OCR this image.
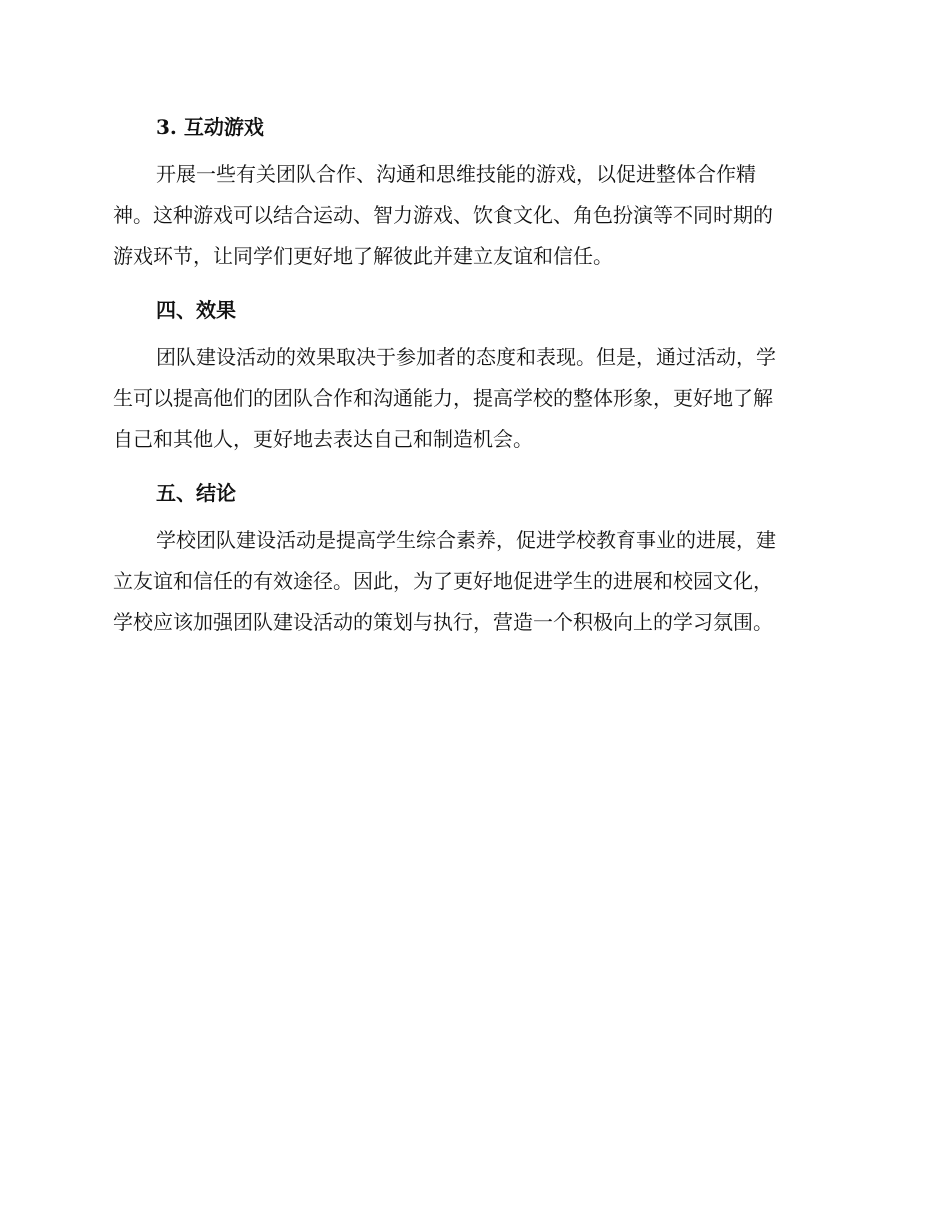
3. 互动游戏
开展一些有关团队合作、沟通和思维技能的游戏，以促进整体合作精
神。这种游戏可以结合运动、智力游戏、饮食文化、角色扮演等不同时期的
游戏环节，让同学们更好地了解彼此并建立友谊和信任。
四、效果
团队建设活动的效果取决于参加者的态度和表现。但是，通过活动，学
生可以提高他们的团队合作和沟通能力，提高学校的整体形象，更好地了解
自己和其他人，更好地去表达自己和制造机会。
五、结论
学校团队建设活动是提高学生综合素养，促进学校教育事业的进展，建
立友谊和信任的有效途径。因此，为了更好地促进学生的进展和校园文化，
学校应该加强团队建设活动的策划与执行，营造一个积极向上的学习氛围。
